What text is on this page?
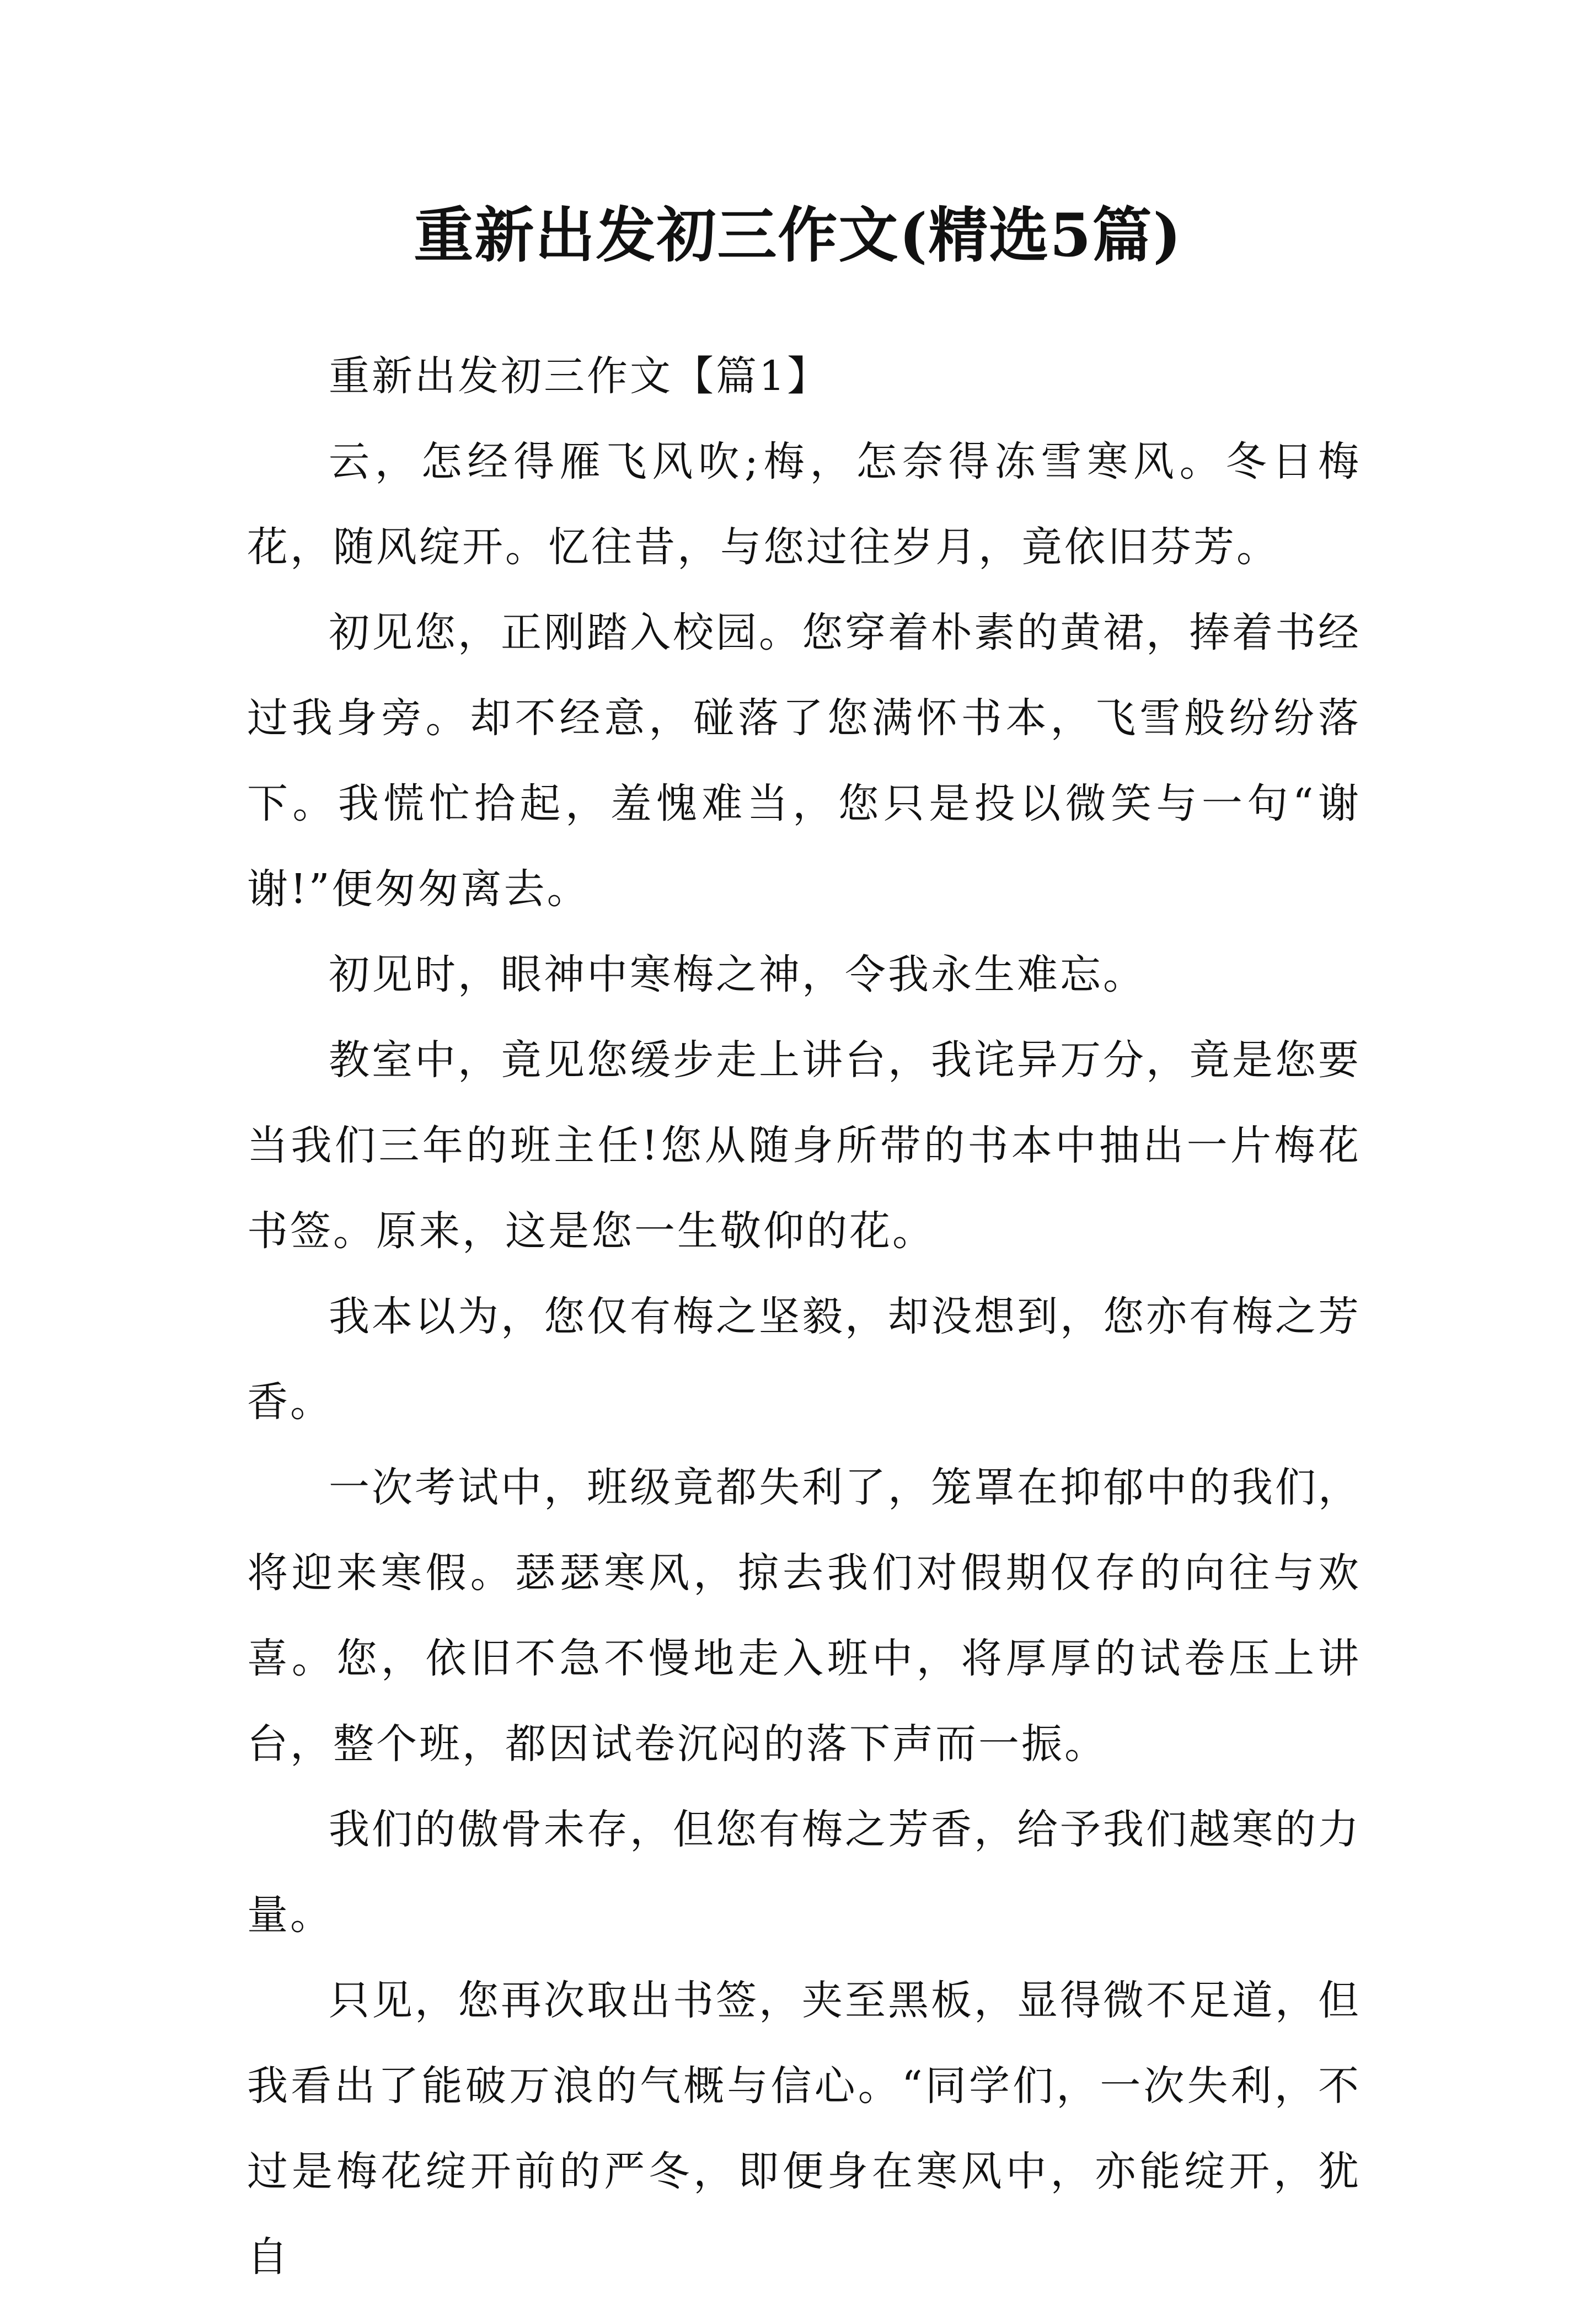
重新出发初三作文(精选5篇)

重新出发初三作文【篇1】

云，怎经得雁飞风吹;梅，怎奈得冻雪寒风。冬日梅花，随风绽开。忆往昔，与您过往岁月，竟依旧芬芳。

初见您，正刚踏入校园。您穿着朴素的黄裙，捧着书经过我身旁。却不经意，碰落了您满怀书本，飞雪般纷纷落下。我慌忙拾起，羞愧难当，您只是投以微笑与一句“谢谢!”便匆匆离去。

初见时，眼神中寒梅之神，令我永生难忘。

教室中，竟见您缓步走上讲台，我诧异万分，竟是您要当我们三年的班主任!您从随身所带的书本中抽出一片梅花书签。原来，这是您一生敬仰的花。

我本以为，您仅有梅之坚毅，却没想到，您亦有梅之芳香。

一次考试中，班级竟都失利了，笼罩在抑郁中的我们，将迎来寒假。瑟瑟寒风，掠去我们对假期仅存的向往与欢喜。您，依旧不急不慢地走入班中，将厚厚的试卷压上讲台，整个班，都因试卷沉闷的落下声而一振。

我们的傲骨未存，但您有梅之芳香，给予我们越寒的力量。

只见，您再次取出书签，夹至黑板，显得微不足道，但我看出了能破万浪的气概与信心。“同学们，一次失利，不过是梅花绽开前的严冬，即便身在寒风中，亦能绽开，犹自
